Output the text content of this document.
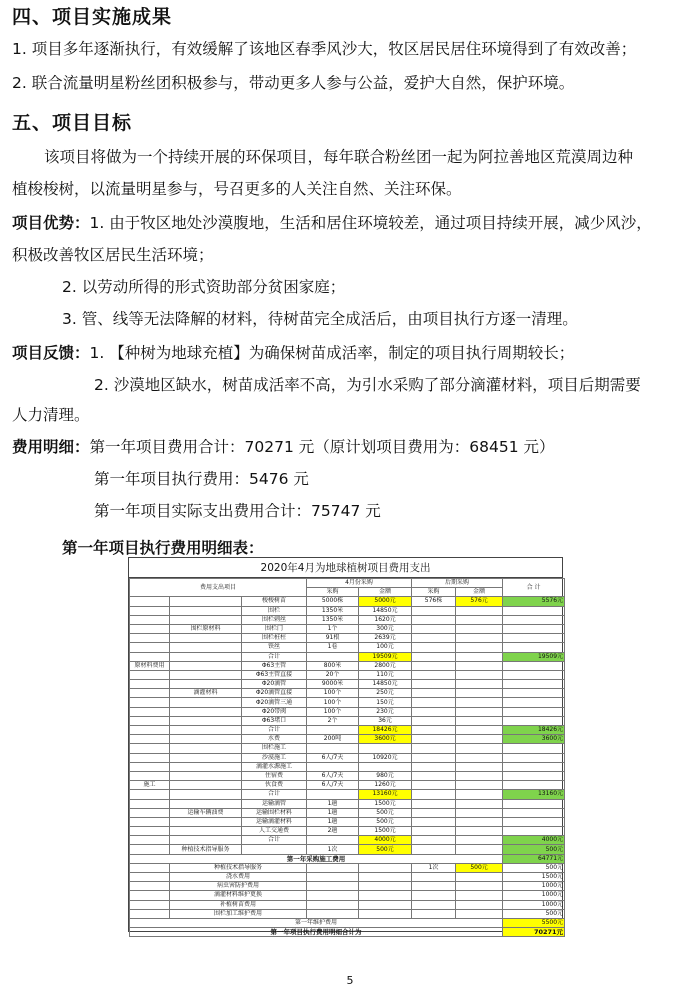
四、项目实施成果
1. 项目多年逐渐执行，有效缓解了该地区春季风沙大，牧区居民居住环境得到了有效改善；
2. 联合流量明星粉丝团积极参与，带动更多人参与公益，爱护大自然，保护环境。
五、项目目标
该项目将做为一个持续开展的环保项目，每年联合粉丝团一起为阿拉善地区荒漠周边种
植梭梭树，以流量明星参与，号召更多的人关注自然、关注环保。
项目优势：1. 由于牧区地处沙漠腹地，生活和居住环境较差，通过项目持续开展，减少风沙，
积极改善牧区居民生活环境；
2. 以劳动所得的形式资助部分贫困家庭；
3. 管、线等无法降解的材料，待树苗完全成活后，由项目执行方逐一清理。
项目反馈：1. 【种树为地球充植】为确保树苗成活率，制定的项目执行周期较长；
2. 沙漠地区缺水，树苗成活率不高，为引水采购了部分滴灌材料，项目后期需要
人力清理。
费用明细：第一年项目费用合计：70271 元（原计划项目费用为：68451 元）
第一年项目执行费用：5476 元
第一年项目实际支出费用合计：75747 元
第一年项目执行费用明细表：
2020年4月为地球植树项目费用支出
费用支出项目			4月份采购		后期采购		合 计
			采购	金额	采购	金额	
		梭梭树苗	5000株	5000元	576株	576元	5576元
		围栏	1350米	14850元			
		围栏刺丝	1350米	1620元			
	围栏原材料	围栏门	1个	300元			
		围栏桩柱	91根	2639元			
		铁丝	1卷	100元			
		合计		19509元			19509元
原材料费用		Φ63主管	800米	2800元			
		Φ63主管直接	20个	110元			
		Φ20滴管	9000米	14850元			
	滴灌材料	Φ20滴管直接	100个	250元			
		Φ20滴管三通	100个	150元			
		Φ20带阀	100个	230元			
		Φ63堵口	2个	36元			
		合计		18426元			18426元
		水费	200吨	3600元			3600元
		围栏施工					
		沙漠施工	6人/7天	10920元			
		滴灌水源施工					
		住宿费	6人/7天	980元			
施工		伙食费	6人/7天	1260元			
		合计		13160元			13160元
		运输滴管	1趟	1500元			
	运输车辆油费	运输围栏材料	1趟	500元			
		运输滴灌材料	1趟	500元			
		人工交通费	2趟	1500元			
		合计		4000元			4000元
	种植技术指导服务		1次	500元			500元
第一年采购施工费用							64771元
	种植技术指导服务				1次	500元	500元
	浇水费用						1500元
	病虫害防护费用						1000元
	滴灌材料维护更换						1000元
	补植树苗费用						1000元
	围栏加工维护费用						500元
第一年维护费用							5500元
第一年项目执行费用明细合计为							70271元
5
